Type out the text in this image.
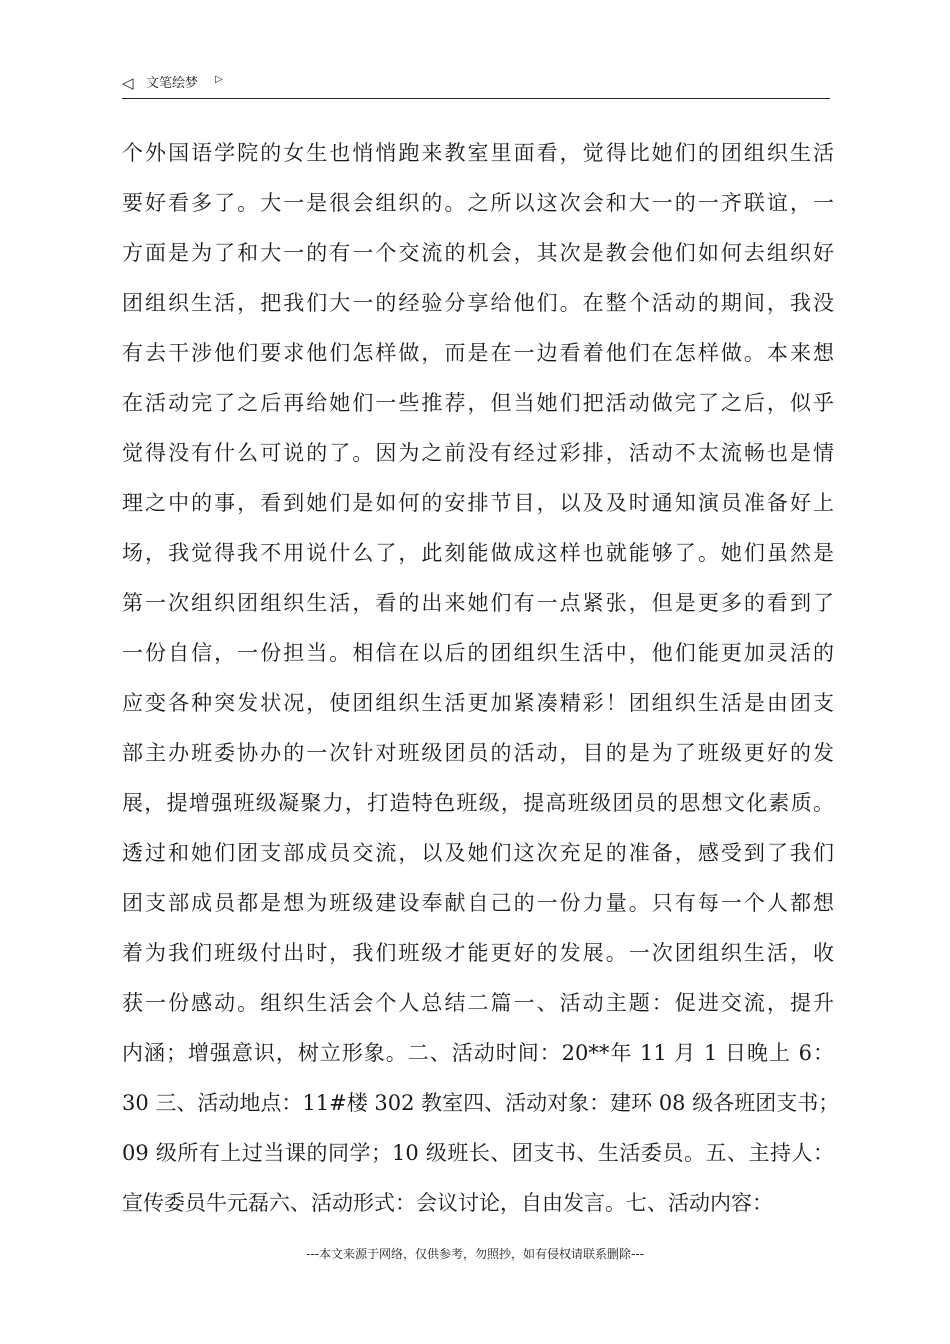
◁ 文笔绘梦 ▷
个外国语学院的女生也悄悄跑来教室里面看，觉得比她们的团组织生活
要好看多了。大一是很会组织的。之所以这次会和大一的一齐联谊，一
方面是为了和大一的有一个交流的机会，其次是教会他们如何去组织好
团组织生活，把我们大一的经验分享给他们。在整个活动的期间，我没
有去干涉他们要求他们怎样做，而是在一边看着他们在怎样做。本来想
在活动完了之后再给她们一些推荐，但当她们把活动做完了之后，似乎
觉得没有什么可说的了。因为之前没有经过彩排，活动不太流畅也是情
理之中的事，看到她们是如何的安排节目，以及及时通知演员准备好上
场，我觉得我不用说什么了，此刻能做成这样也就能够了。她们虽然是
第一次组织团组织生活，看的出来她们有一点紧张，但是更多的看到了
一份自信，一份担当。相信在以后的团组织生活中，他们能更加灵活的
应变各种突发状况，使团组织生活更加紧凑精彩！团组织生活是由团支
部主办班委协办的一次针对班级团员的活动，目的是为了班级更好的发
展，提增强班级凝聚力，打造特色班级，提高班级团员的思想文化素质。
透过和她们团支部成员交流，以及她们这次充足的准备，感受到了我们
团支部成员都是想为班级建设奉献自己的一份力量。只有每一个人都想
着为我们班级付出时，我们班级才能更好的发展。一次团组织生活，收
获一份感动。组织生活会个人总结二篇一、活动主题：促进交流，提升
内涵；增强意识，树立形象。二、活动时间：20**年 11 月 1 日晚上 6：
30 三、活动地点：11#楼 302 教室四、活动对象：建环 08 级各班团支书；
09 级所有上过当课的同学；10 级班长、团支书、生活委员。五、主持人：
宣传委员牛元磊六、活动形式：会议讨论，自由发言。七、活动内容：
---本文来源于网络，仅供参考，勿照抄，如有侵权请联系删除---
